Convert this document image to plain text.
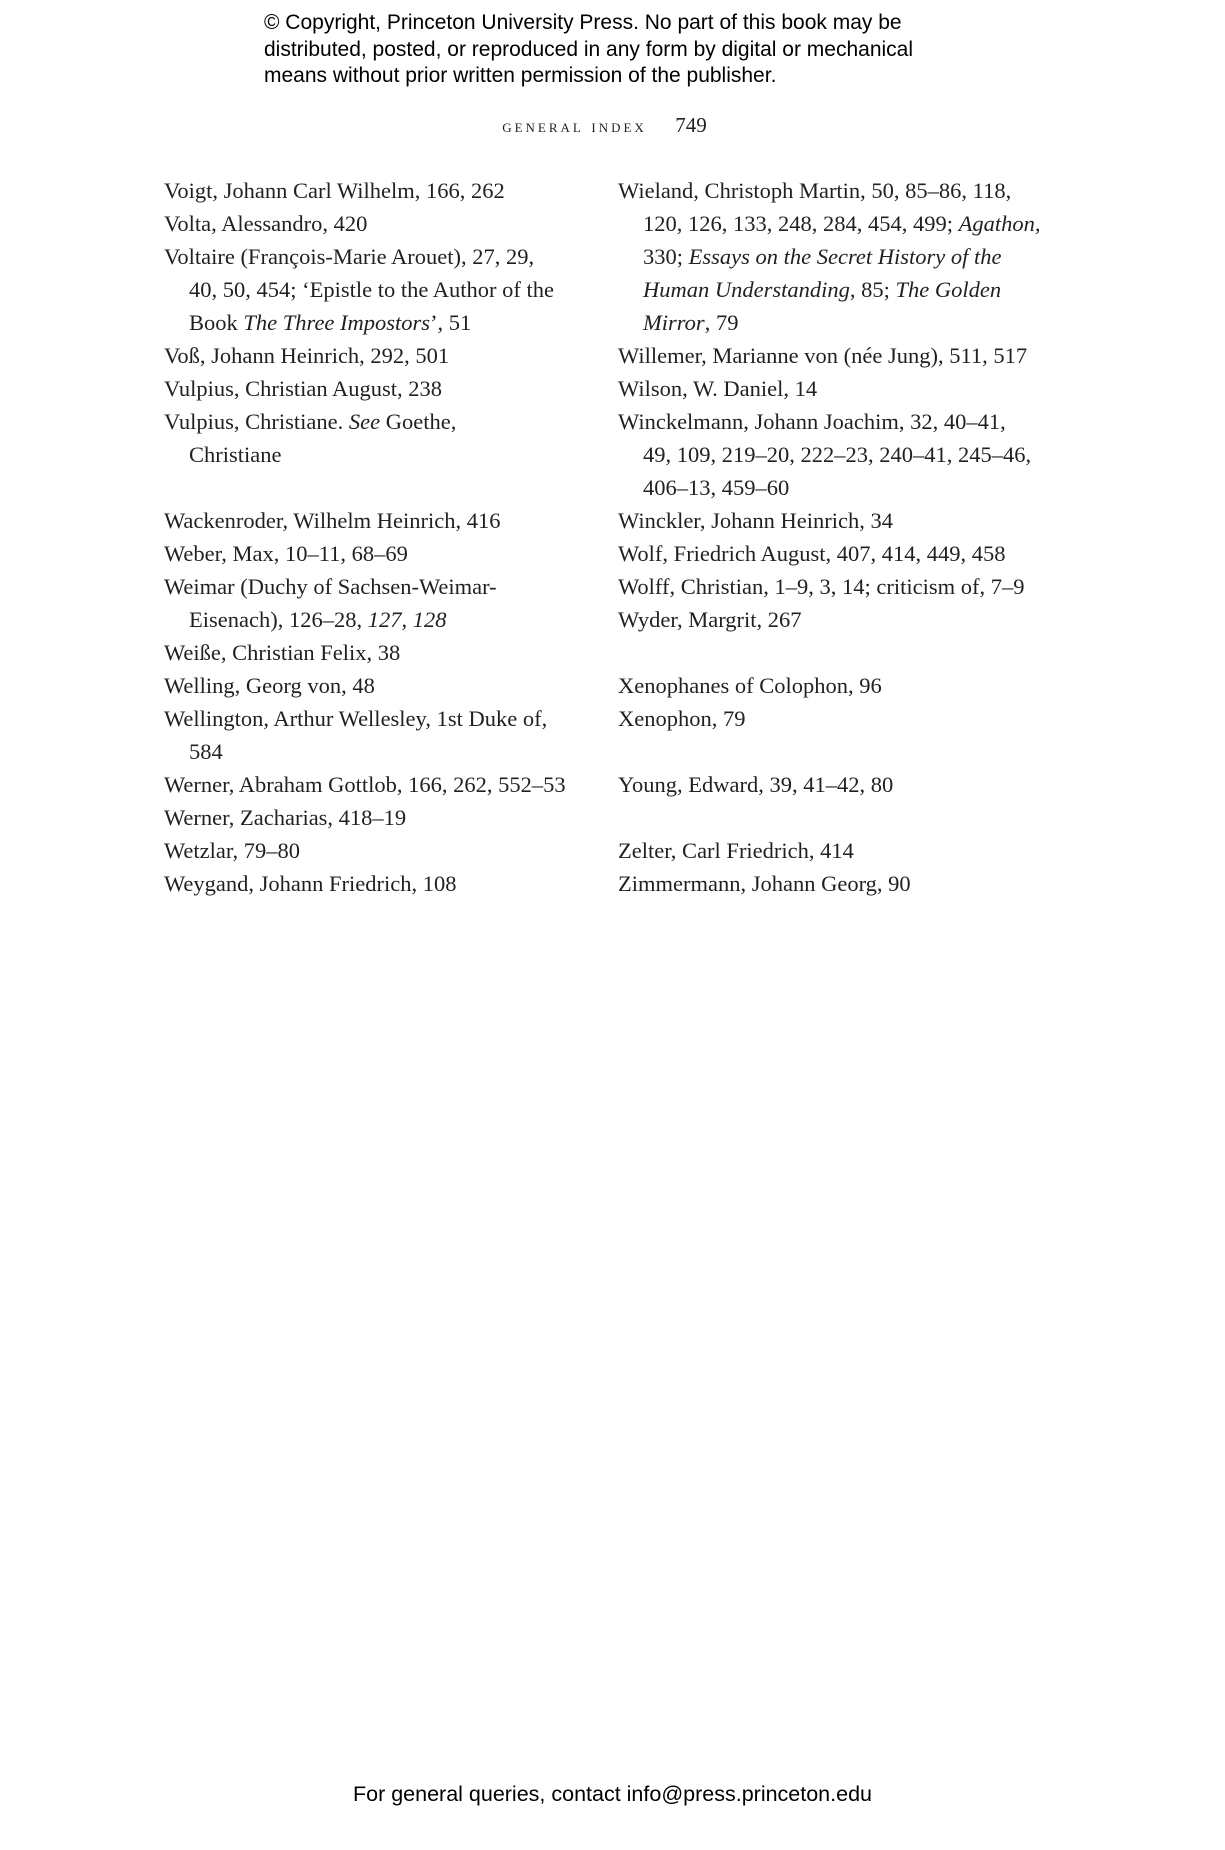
© Copyright, Princeton University Press. No part of this book may be
distributed, posted, or reproduced in any form by digital or mechanical
means without prior written permission of the publisher.
general index 749
Voigt, Johann Carl Wilhelm, 166, 262
Volta, Alessandro, 420
Voltaire (François-Marie Arouet), 27, 29,
40, 50, 454; ‘Epistle to the Author of the
Book The Three Impostors’, 51
Voß, Johann Heinrich, 292, 501
Vulpius, Christian August, 238
Vulpius, Christiane. See Goethe,
Christiane
Wackenroder, Wilhelm Heinrich, 416
Weber, Max, 10–11, 68–69
Weimar (Duchy of Sachsen-Weimar-
Eisenach), 126–28, 127, 128
Weiße, Christian Felix, 38
Welling, Georg von, 48
Wellington, Arthur Wellesley, 1st Duke of,
584
Werner, Abraham Gottlob, 166, 262, 552–53
Werner, Zacharias, 418–19
Wetzlar, 79–80
Weygand, Johann Friedrich, 108
Wieland, Christoph Martin, 50, 85–86, 118,
120, 126, 133, 248, 284, 454, 499; Agathon,
330; Essays on the Secret History of the
Human Understanding, 85; The Golden
Mirror, 79
Willemer, Marianne von (née Jung), 511, 517
Wilson, W. Daniel, 14
Winckelmann, Johann Joachim, 32, 40–41,
49, 109, 219–20, 222–23, 240–41, 245–46,
406–13, 459–60
Winckler, Johann Heinrich, 34
Wolf, Friedrich August, 407, 414, 449, 458
Wolff, Christian, 1–9, 3, 14; criticism of, 7–9
Wyder, Margrit, 267
Xenophanes of Colophon, 96
Xenophon, 79
Young, Edward, 39, 41–42, 80
Zelter, Carl Friedrich, 414
Zimmermann, Johann Georg, 90
For general queries, contact info@press.princeton.edu
